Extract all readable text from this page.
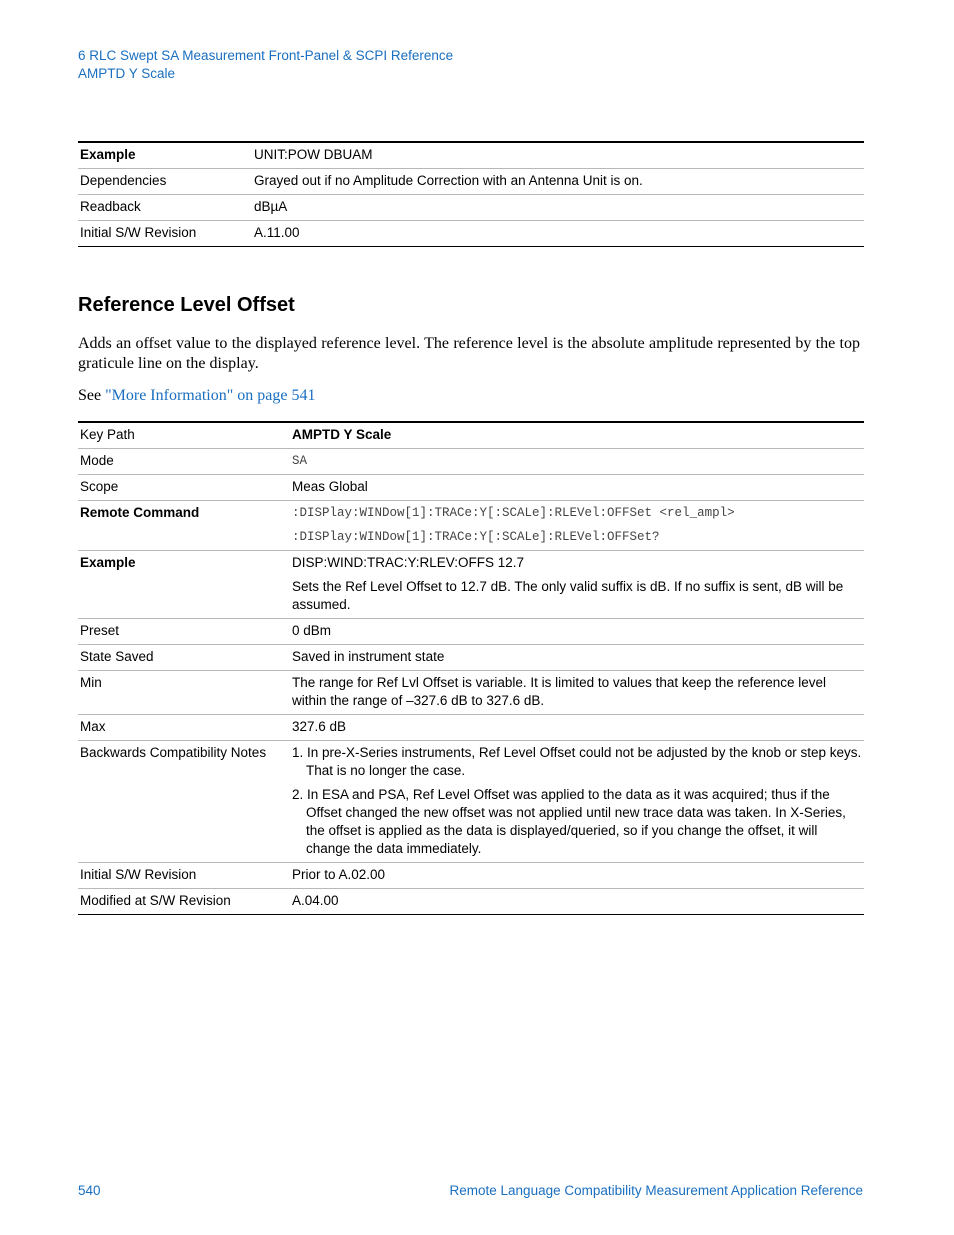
6 RLC Swept SA Measurement Front-Panel & SCPI Reference
AMPTD Y Scale
Example	UNIT:POW DBUAM
Dependencies	Grayed out if no Amplitude Correction with an Antenna Unit is on.
Readback	dBµA
Initial S/W Revision	A.11.00
Reference Level Offset
Adds an offset value to the displayed reference level. The reference level is the absolute amplitude represented by the top graticule line on the display.
See "More Information" on page 541
Key Path	AMPTD Y Scale
Mode	SA
Scope	Meas Global
Remote Command	:DISPlay:WINDow[1]:TRACe:Y[:SCALe]:RLEVel:OFFSet <rel_ampl>
:DISPlay:WINDow[1]:TRACe:Y[:SCALe]:RLEVel:OFFSet?

Example	DISP:WIND:TRAC:Y:RLEV:OFFS 12.7
Sets the Ref Level Offset to 12.7 dB. The only valid suffix is dB. If no suffix is sent, dB will be assumed.

Preset	0 dBm
State Saved	Saved in instrument state
Min	The range for Ref Lvl Offset is variable. It is limited to values that keep the reference level within the range of –327.6 dB to 327.6 dB.
Max	327.6 dB
Backwards Compatibility Notes	1. In pre-X-Series instruments, Ref Level Offset could not be adjusted by the knob or step keys. That is no longer the case.
2. In ESA and PSA, Ref Level Offset was applied to the data as it was acquired; thus if the Offset changed the new offset was not applied until new trace data was taken. In X-Series, the offset is applied as the data is displayed/queried, so if you change the offset, it will change the data immediately.

Initial S/W Revision	Prior to A.02.00
Modified at S/W Revision	A.04.00
540	Remote Language Compatibility Measurement Application Reference
